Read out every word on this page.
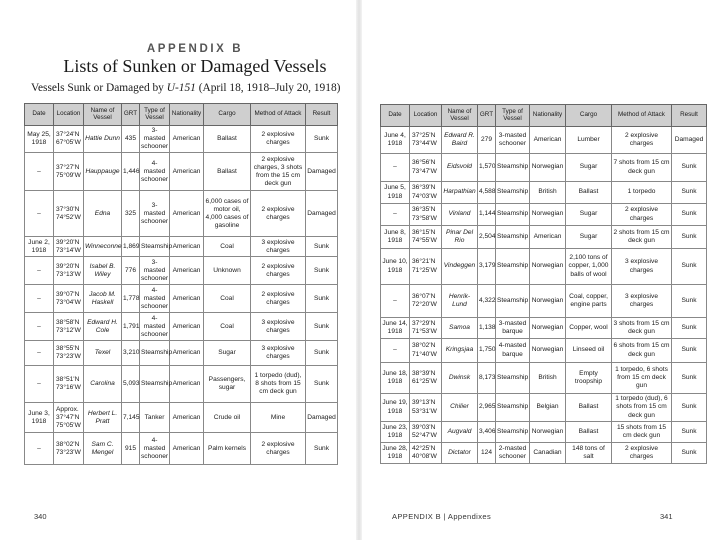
APPENDIX B
Lists of Sunken or Damaged Vessels
Vessels Sunk or Damaged by U-151 (April 18, 1918–July 20, 1918)
Date	Location	Name of Vessel	GRT	Type of Vessel	Nationality	Cargo	Method of Attack	Result
May 25, 1918	37°24'N 67°05'W	Hattie Dunn	435	3-masted schooner	American	Ballast	2 explosive charges	Sunk
–	37°27'N 75°09'W	Hauppauge	1,446	4-masted schooner	American	Ballast	2 explosive charges, 3 shots from the 15 cm deck gun	Damaged
–	37°30'N 74°52'W	Edna	325	3-masted schooner	American	6,000 cases of motor oil, 4,000 cases of gasoline	2 explosive charges	Damaged
June 2, 1918	39°20'N 73°14'W	Winneconne	1,869	Steamship	American	Coal	3 explosive charges	Sunk
–	39°20'N 73°13'W	Isabel B. Wiley	776	3-masted schooner	American	Unknown	2 explosive charges	Sunk
–	39°07'N 73°04'W	Jacob M. Haskell	1,778	4-masted schooner	American	Coal	2 explosive charges	Sunk
–	38°58'N 73°12'W	Edward H. Cole	1,791	4-masted schooner	American	Coal	3 explosive charges	Sunk
–	38°55'N 73°23'W	Texel	3,210	Steamship	American	Sugar	3 explosive charges	Sunk
–	38°51'N 73°16'W	Carolina	5,093	Steamship	American	Passengers, sugar	1 torpedo (dud), 8 shots from 15 cm deck gun	Sunk
June 3, 1918	Approx. 37°47'N 75°05'W	Herbert L. Pratt	7,145	Tanker	American	Crude oil	Mine	Damaged
–	38°02'N 73°23'W	Sam C. Mengel	915	4-masted schooner	American	Palm kernels	2 explosive charges	Sunk
340
Date	Location	Name of Vessel	GRT	Type of Vessel	Nationality	Cargo	Method of Attack	Result
June 4, 1918	37°25'N 73°44'W	Edward R. Baird	279	3-masted schooner	American	Lumber	2 explosive charges	Damaged
–	36°56'N 73°47'W	Eidsvold	1,570	Steamship	Norwegian	Sugar	7 shots from 15 cm deck gun	Sunk
June 5, 1918	36°39'N 74°03'W	Harpathian	4,588	Steamship	British	Ballast	1 torpedo	Sunk
–	36°35'N 73°58'W	Vinland	1,144	Steamship	Norwegian	Sugar	2 explosive charges	Sunk
June 8, 1918	36°15'N 74°55'W	Pinar Del Rio	2,504	Steamship	American	Sugar	2 shots from 15 cm deck gun	Sunk
June 10, 1918	36°21'N 71°25'W	Vindeggen	3,179	Steamship	Norwegian	2,100 tons of copper, 1,000 balls of wool	3 explosive charges	Sunk
–	36°07'N 72°20'W	Henrik-Lund	4,322	Steamship	Norwegian	Coal, copper, engine parts	3 explosive charges	Sunk
June 14, 1918	37°29'N 71°53'W	Samoa	1,138	3-masted barque	Norwegian	Copper, wool	3 shots from 15 cm deck gun	Sunk
–	38°02'N 71°40'W	Kringsjaa	1,750	4-masted barque	Norwegian	Linseed oil	6 shots from 15 cm deck gun	Sunk
June 18, 1918	38°39'N 61°25'W	Dwinsk	8,173	Steamship	British	Empty troopship	1 torpedo, 6 shots from 15 cm deck gun	Sunk
June 19, 1918	39°13'N 53°31'W	Chilier	2,965	Steamship	Belgian	Ballast	1 torpedo (dud), 6 shots from 15 cm deck gun	Sunk
June 23, 1918	39°03'N 52°47'W	Augvald	3,406	Steamship	Norwegian	Ballast	15 shots from 15 cm deck gun	Sunk
June 28, 1918	42°25'N 40°08'W	Dictator	124	2-masted schooner	Canadian	148 tons of salt	2 explosive charges	Sunk
APPENDIX B | Appendixes	341
